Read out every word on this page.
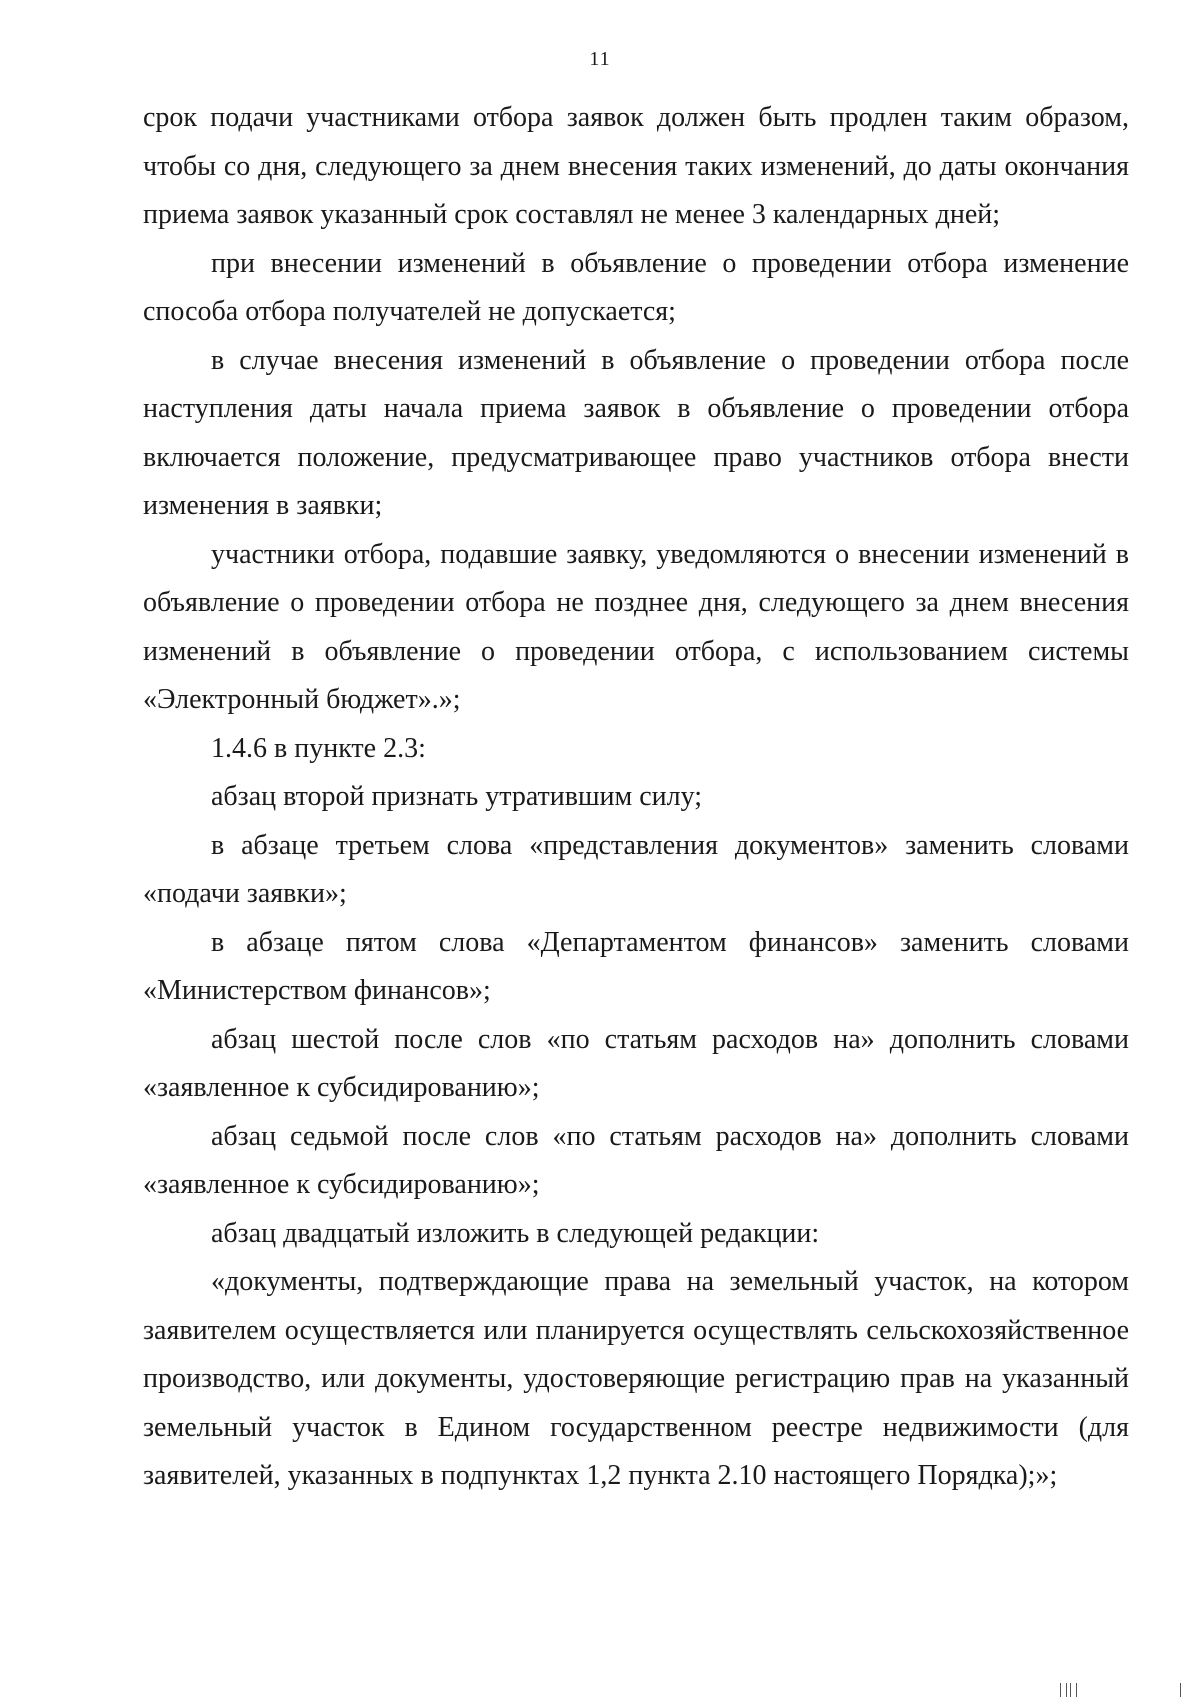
11

срок подачи участниками отбора заявок должен быть продлен таким образом, чтобы со дня, следующего за днем внесения таких изменений, до даты окончания приема заявок указанный срок составлял не менее 3 календарных дней;

при внесении изменений в объявление о проведении отбора изменение способа отбора получателей не допускается;

в случае внесения изменений в объявление о проведении отбора после наступления даты начала приема заявок в объявление о проведении отбора включается положение, предусматривающее право участников отбора внести изменения в заявки;

участники отбора, подавшие заявку, уведомляются о внесении изменений в объявление о проведении отбора не позднее дня, следующего за днем внесения изменений в объявление о проведении отбора, с использованием системы «Электронный бюджет».»;

1.4.6 в пункте 2.3:

абзац второй признать утратившим силу;

в абзаце третьем слова «представления документов» заменить словами «подачи заявки»;

в абзаце пятом слова «Департаментом финансов» заменить словами «Министерством финансов»;

абзац шестой после слов «по статьям расходов на» дополнить словами «заявленное к субсидированию»;

абзац седьмой после слов «по статьям расходов на» дополнить словами «заявленное к субсидированию»;

абзац двадцатый изложить в следующей редакции:

«документы, подтверждающие права на земельный участок, на котором заявителем осуществляется или планируется осуществлять сельскохозяйственное производство, или документы, удостоверяющие регистрацию прав на указанный земельный участок в Едином государственном реестре недвижимости (для заявителей, указанных в подпунктах 1,2 пункта 2.10 настоящего Порядка);»;
